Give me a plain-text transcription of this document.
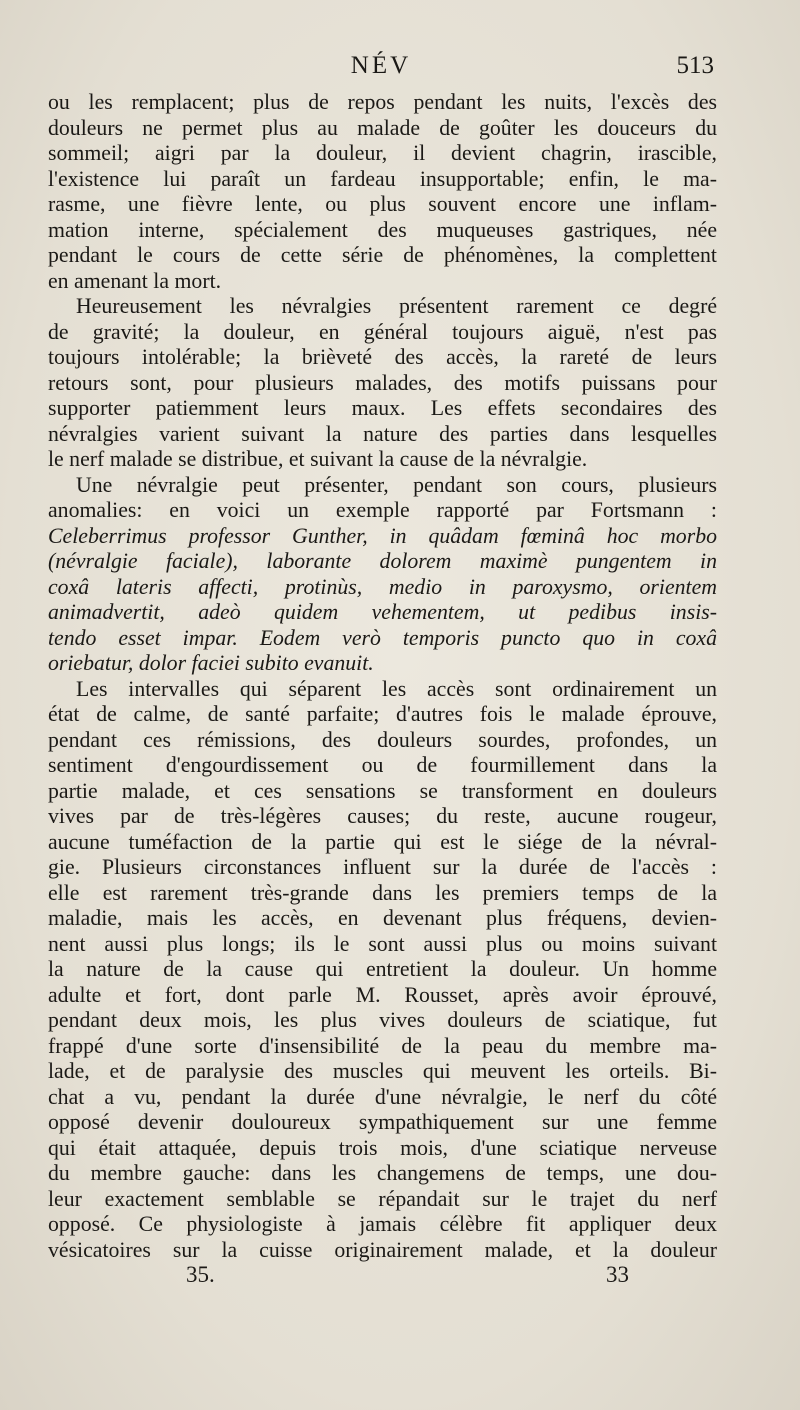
NÉV	513
ou les remplacent; plus de repos pendant les nuits, l'excès des
douleurs ne permet plus au malade de goûter les douceurs du
sommeil; aigri par la douleur, il devient chagrin, irascible,
l'existence lui paraît un fardeau insupportable; enfin, le ma-
rasme, une fièvre lente, ou plus souvent encore une inflam-
mation interne, spécialement des muqueuses gastriques, née
pendant le cours de cette série de phénomènes, la complettent
en amenant la mort.
Heureusement les névralgies présentent rarement ce degré
de gravité; la douleur, en général toujours aiguë, n'est pas
toujours intolérable; la brièveté des accès, la rareté de leurs
retours sont, pour plusieurs malades, des motifs puissans pour
supporter patiemment leurs maux. Les effets secondaires des
névralgies varient suivant la nature des parties dans lesquelles
le nerf malade se distribue, et suivant la cause de la névralgie.
Une névralgie peut présenter, pendant son cours, plusieurs
anomalies: en voici un exemple rapporté par Fortsmann :
Celeberrimus professor Gunther, in quâdam fœminâ hoc morbo
(névralgie faciale), laborante dolorem maximè pungentem in
coxâ lateris affecti, protinùs, medio in paroxysmo, orientem
animadvertit, adeò quidem vehementem, ut pedibus insis-
tendo esset impar. Eodem verò temporis puncto quo in coxâ
oriebatur, dolor faciei subito evanuit.
Les intervalles qui séparent les accès sont ordinairement un
état de calme, de santé parfaite; d'autres fois le malade éprouve,
pendant ces rémissions, des douleurs sourdes, profondes, un
sentiment d'engourdissement ou de fourmillement dans la
partie malade, et ces sensations se transforment en douleurs
vives par de très-légères causes; du reste, aucune rougeur,
aucune tuméfaction de la partie qui est le siége de la névral-
gie. Plusieurs circonstances influent sur la durée de l'accès :
elle est rarement très-grande dans les premiers temps de la
maladie, mais les accès, en devenant plus fréquens, devien-
nent aussi plus longs; ils le sont aussi plus ou moins suivant
la nature de la cause qui entretient la douleur. Un homme
adulte et fort, dont parle M. Rousset, après avoir éprouvé,
pendant deux mois, les plus vives douleurs de sciatique, fut
frappé d'une sorte d'insensibilité de la peau du membre ma-
lade, et de paralysie des muscles qui meuvent les orteils. Bi-
chat a vu, pendant la durée d'une névralgie, le nerf du côté
opposé devenir douloureux sympathiquement sur une femme
qui était attaquée, depuis trois mois, d'une sciatique nerveuse
du membre gauche: dans les changemens de temps, une dou-
leur exactement semblable se répandait sur le trajet du nerf
opposé. Ce physiologiste à jamais célèbre fit appliquer deux
vésicatoires sur la cuisse originairement malade, et la douleur
35.	33
